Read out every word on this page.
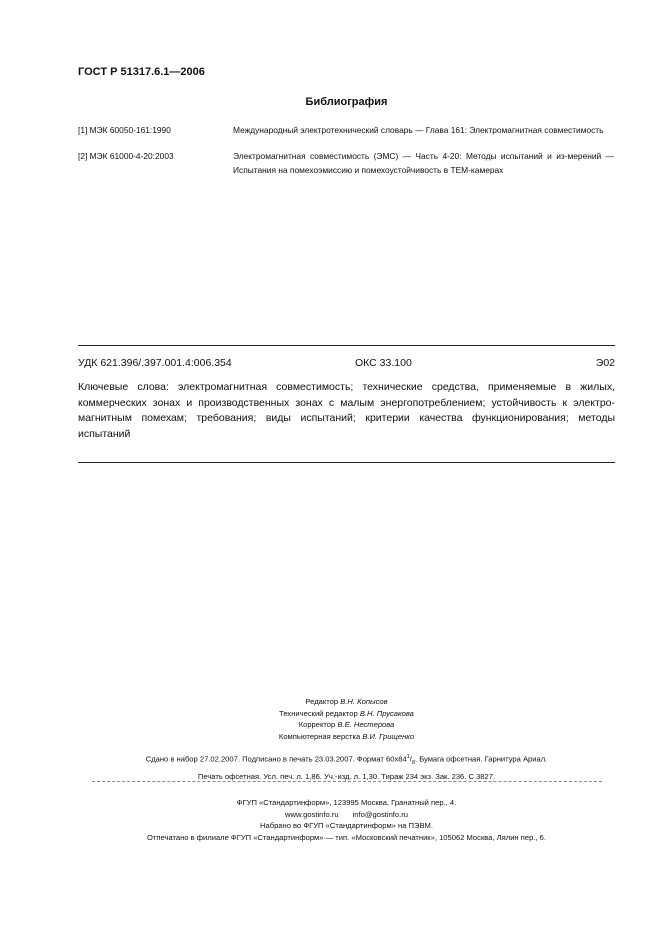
ГОСТ Р 51317.6.1—2006
Библиография
[1] МЭК 60050-161:1990	Международный электротехнический словарь — Глава 161: Электромагнитная совместимость
[2] МЭК 61000-4-20:2003	Электромагнитная совместимость (ЭМС) — Часть 4-20: Методы испытаний и из-мерений — Испытания на помехоэмиссию и помехоустойчивость в ТЕМ-камерах
УДК 621.396/.397.001.4:006.354	ОКС 33.100	Э02
Ключевые слова: электромагнитная совместимость; технические средства, применяемые в жилых, коммерческих зонах и производственных зонах с малым энергопотреблением; устойчивость к электро-магнитным помехам; требования; виды испытаний; критерии качества функционирования; методы испытаний
Редактор В.Н. Копысов
Технический редактор В.Н. Прусакова
Корректор В.Е. Нестерова
Компьютерная верстка В.И. Грищенко
Сдано в набор 27.02.2007. Подписано в печать 23.03.2007. Формат $60х84^1/_8$. Бумага офсетная. Гарнитура Ариал.
Печать офсетная. Усл. печ. л. 1,86. Уч.-изд. л. 1,30. Тираж 234 экз. Зак. 236. С 3827.
ФГУП «Стандартинформ», 123995 Москва, Гранатный пер., 4.
www.gostinfo.ru info@gostinfo.ru
Набрано во ФГУП «Стандартинформ» на ПЭВМ.
Отпечатано в филиале ФГУП «Стандартинформ» — тип. «Московский печатник», 105062 Москва, Лялин пер., 6.
